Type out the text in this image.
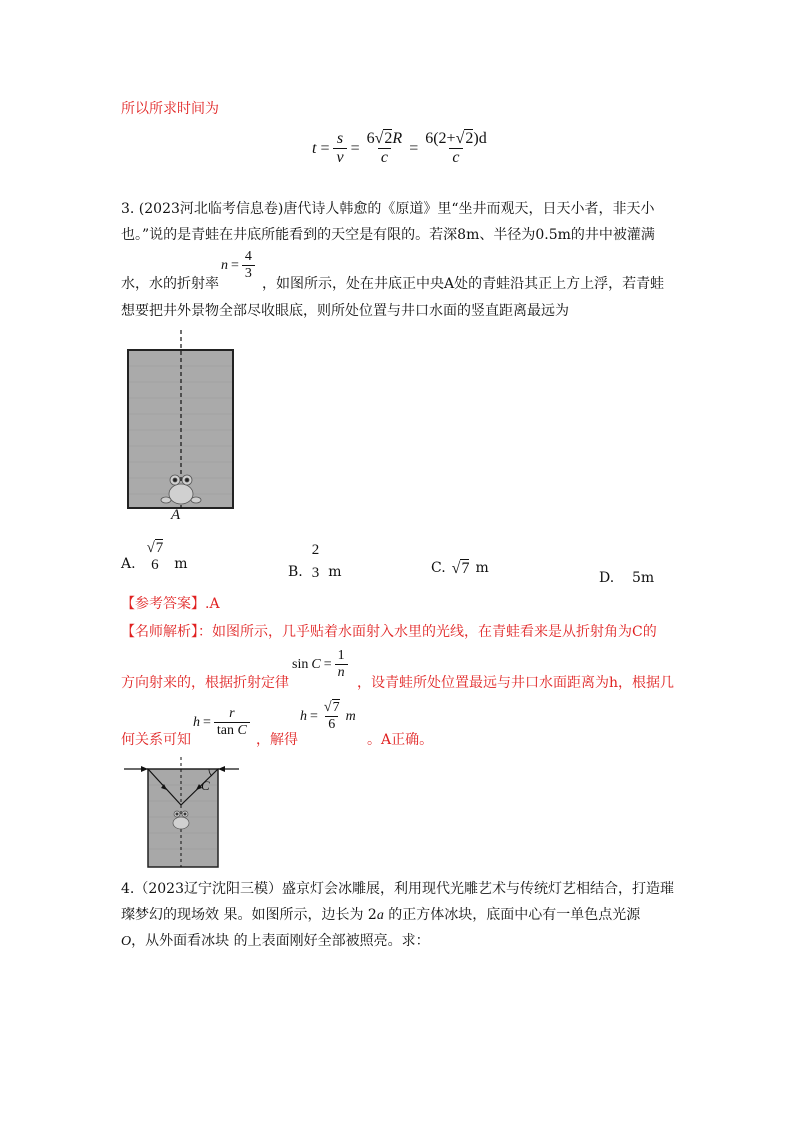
所以所求时间为
$t = \frac{s}{v} = \frac{6√2R}{c} = \frac{6(2+√2)d}{c}$
3. (2023河北临考信息卷)唐代诗人韩愈的《原道》里“坐井而观天，日天小者，非天小
也。”说的是青蛙在井底所能看到的天空是有限的。若深8m、半径为0.5m的井中被灌满
$n = \frac{4}{3}$
水，水的折射率	，如图所示，处在井底正中央A处的青蛙沿其正上方上浮，若青蛙
想要把井外景物全部尽收眼底，则所处位置与井口水面的竖直距离最远为
A
A.
√7
6 m	B.
2
3 m	C. √7 m
D. 5m
【参考答案】.A
【名师解析】：如图所示，几乎贴着水面射入水里的光线，在青蛙看来是从折射角为C的
$\sin C = \frac{1}{n}$
方向射来的，根据折射定律	，设青蛙所处位置最远与井口水面距离为h，根据几
$h = \frac{r}{\text{tan C}}$	$h = \frac{√7}{6}$ m
何关系可知	，解得	。A正确。
C
4.（2023辽宁沈阳三模）盛京灯会冰雕展，利用现代光雕艺术与传统灯艺相结合，打造璀
璨梦幻的现场效 果。如图所示，边长为 2a 的正方体冰块，底面中心有一单色点光源
O，从外面看冰块 的上表面刚好全部被照亮。求：
